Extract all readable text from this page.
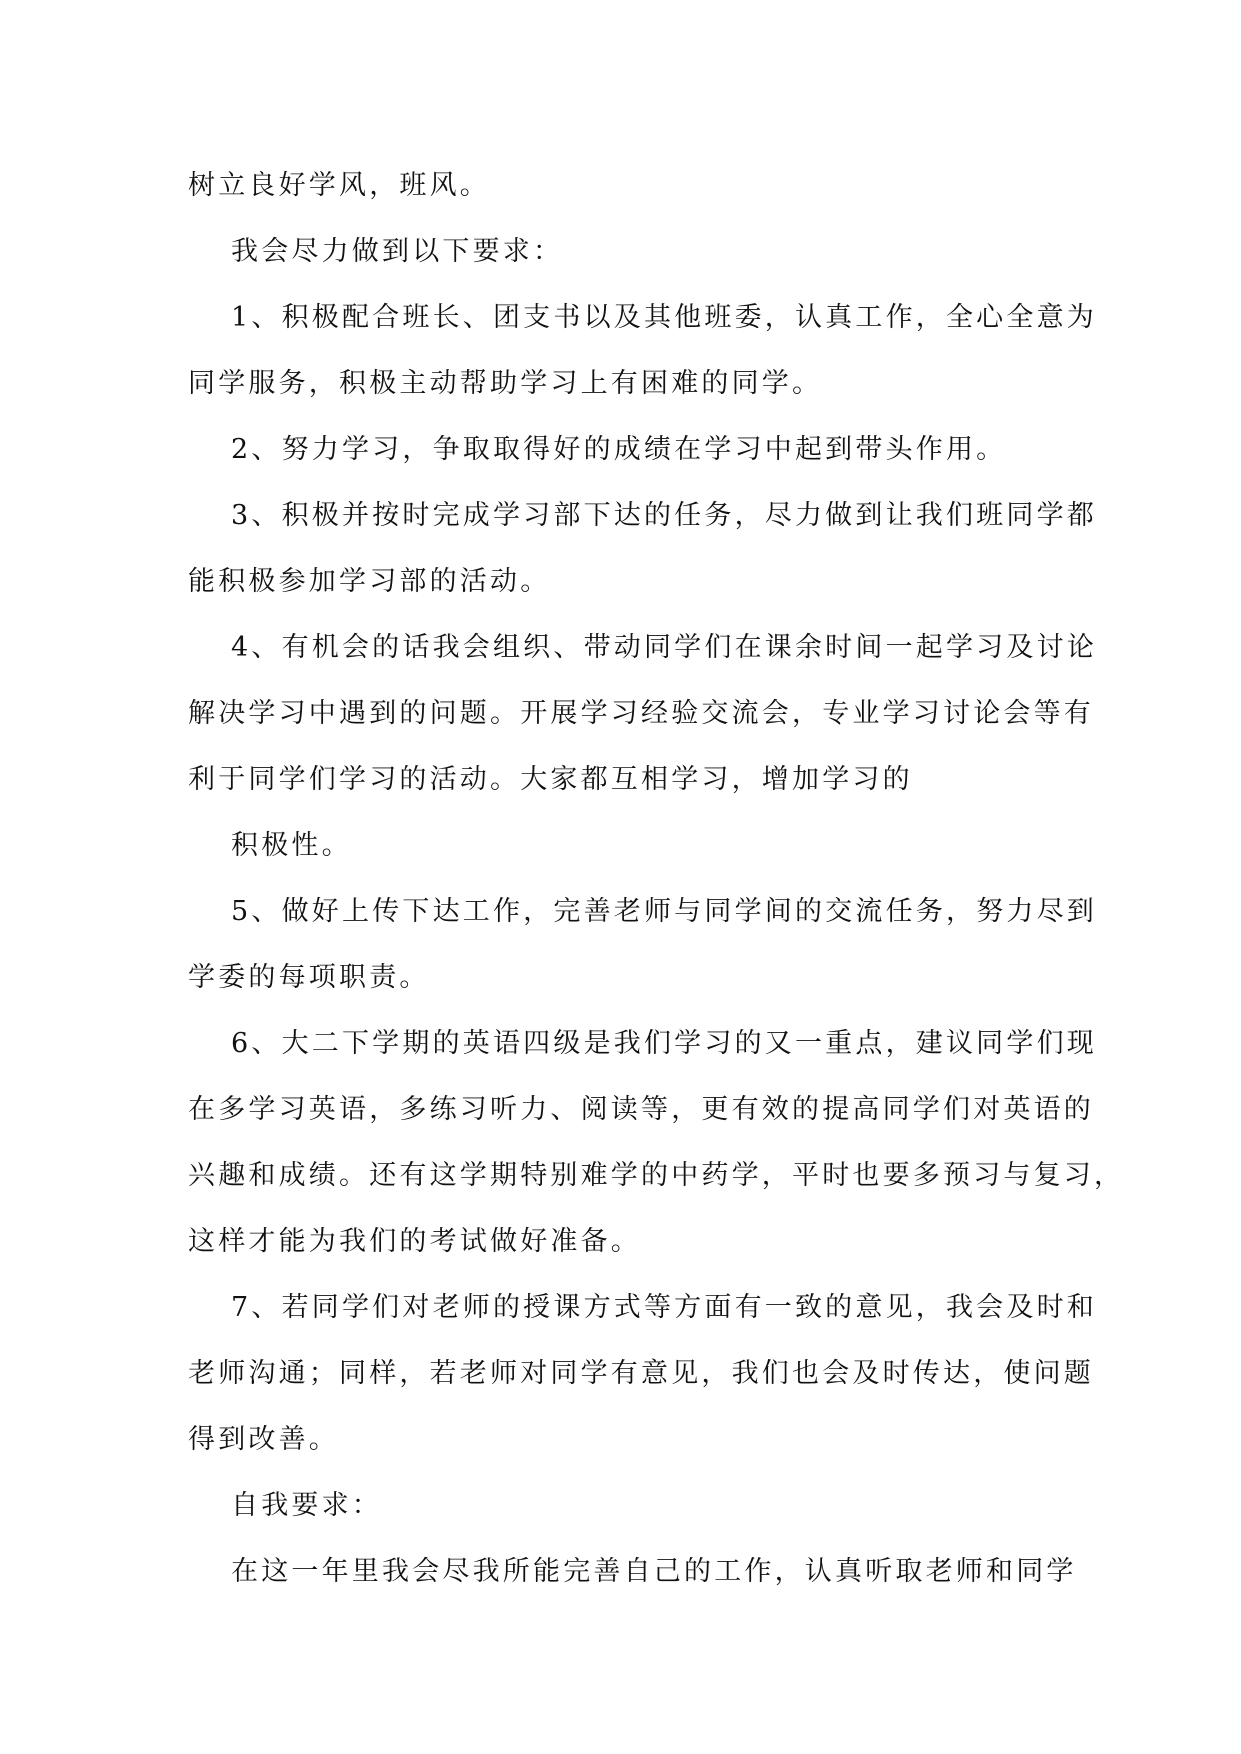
树立良好学风，班风。
我会尽力做到以下要求：
1、积极配合班长、团支书以及其他班委，认真工作，全心全意为
同学服务，积极主动帮助学习上有困难的同学。
2、努力学习，争取取得好的成绩在学习中起到带头作用。
3、积极并按时完成学习部下达的任务，尽力做到让我们班同学都
能积极参加学习部的活动。
4、有机会的话我会组织、带动同学们在课余时间一起学习及讨论
解决学习中遇到的问题。开展学习经验交流会，专业学习讨论会等有
利于同学们学习的活动。大家都互相学习，增加学习的
积极性。
5、做好上传下达工作，完善老师与同学间的交流任务，努力尽到
学委的每项职责。
6、大二下学期的英语四级是我们学习的又一重点，建议同学们现
在多学习英语，多练习听力、阅读等，更有效的提高同学们对英语的
兴趣和成绩。还有这学期特别难学的中药学，平时也要多预习与复习，
这样才能为我们的考试做好准备。
7、若同学们对老师的授课方式等方面有一致的意见，我会及时和
老师沟通；同样，若老师对同学有意见，我们也会及时传达，使问题
得到改善。
自我要求：
在这一年里我会尽我所能完善自己的工作，认真听取老师和同学
